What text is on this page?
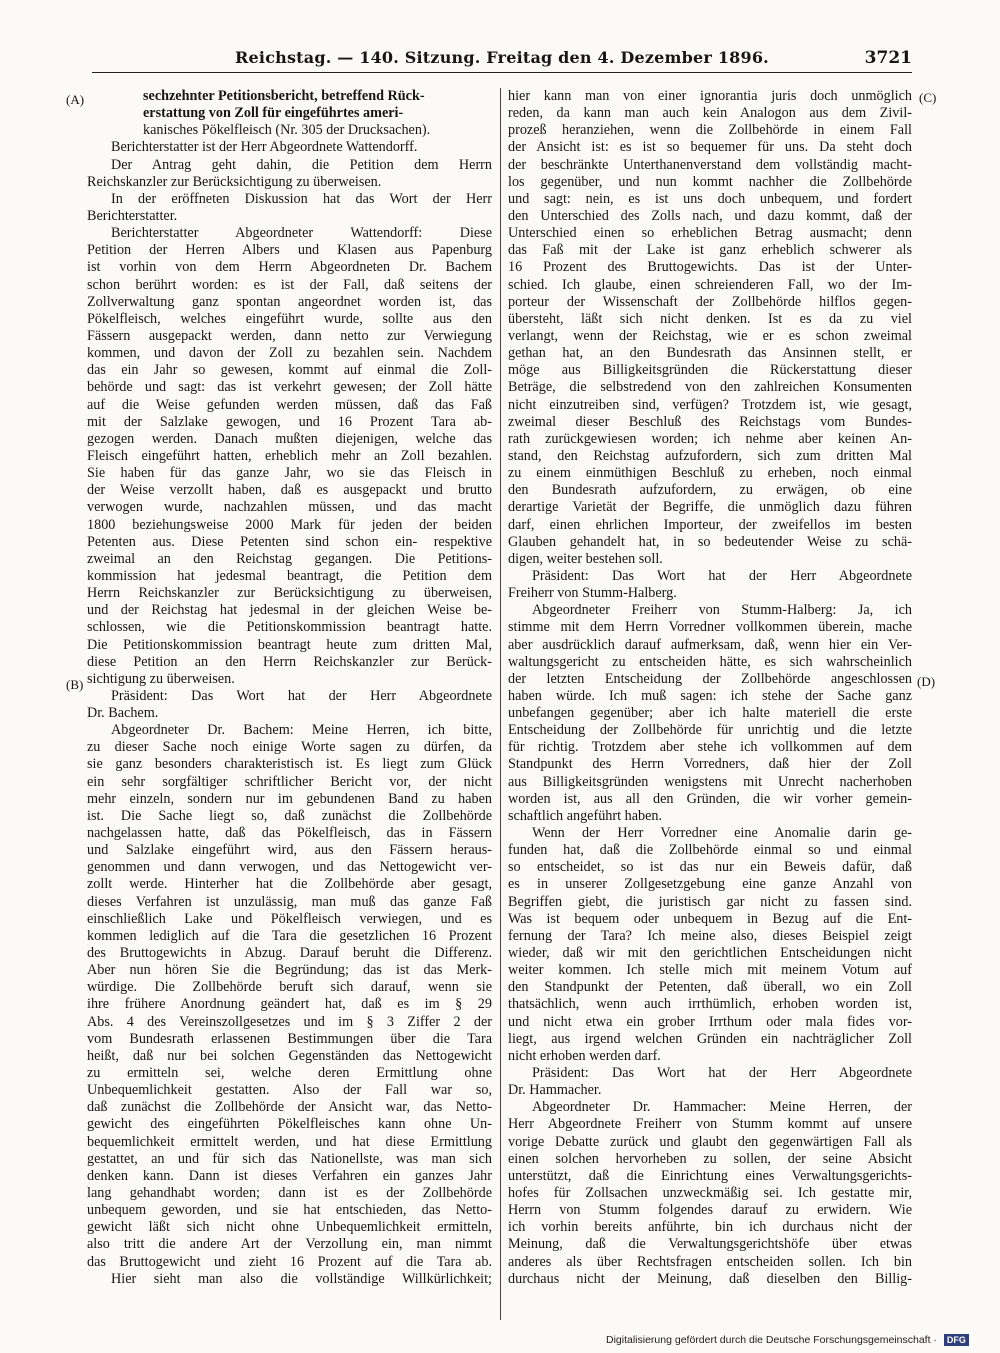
Reichstag. — 140. Sitzung. Freitag den 4. Dezember 1896.	3721
(A)
(B)
(C)
(D)
sechzehnter Petitionsbericht, betreffend Rück-
erstattung von Zoll für eingeführtes ameri-
kanisches Pökelfleisch (Nr. 305 der Drucksachen).
Berichterstatter ist der Herr Abgeordnete Wattendorff.
Der Antrag geht dahin, die Petition dem Herrn
Reichskanzler zur Berücksichtigung zu überweisen.
In der eröffneten Diskussion hat das Wort der Herr
Berichterstatter.
Berichterstatter Abgeordneter Wattendorff: Diese
Petition der Herren Albers und Klasen aus Papenburg
ist vorhin von dem Herrn Abgeordneten Dr. Bachem
schon berührt worden: es ist der Fall, daß seitens der
Zollverwaltung ganz spontan angeordnet worden ist, das
Pökelfleisch, welches eingeführt wurde, sollte aus den
Fässern ausgepackt werden, dann netto zur Verwiegung
kommen, und davon der Zoll zu bezahlen sein. Nachdem
das ein Jahr so gewesen, kommt auf einmal die Zoll-
behörde und sagt: das ist verkehrt gewesen; der Zoll hätte
auf die Weise gefunden werden müssen, daß das Faß
mit der Salzlake gewogen, und 16 Prozent Tara ab-
gezogen werden. Danach mußten diejenigen, welche das
Fleisch eingeführt hatten, erheblich mehr an Zoll bezahlen.
Sie haben für das ganze Jahr, wo sie das Fleisch in
der Weise verzollt haben, daß es ausgepackt und brutto
verwogen wurde, nachzahlen müssen, und das macht
1800 beziehungsweise 2000 Mark für jeden der beiden
Petenten aus. Diese Petenten sind schon ein- respektive
zweimal an den Reichstag gegangen. Die Petitions-
kommission hat jedesmal beantragt, die Petition dem
Herrn Reichskanzler zur Berücksichtigung zu überweisen,
und der Reichstag hat jedesmal in der gleichen Weise be-
schlossen, wie die Petitionskommission beantragt hatte.
Die Petitionskommission beantragt heute zum dritten Mal,
diese Petition an den Herrn Reichskanzler zur Berück-
sichtigung zu überweisen.
Präsident: Das Wort hat der Herr Abgeordnete
Dr. Bachem.
Abgeordneter Dr. Bachem: Meine Herren, ich bitte,
zu dieser Sache noch einige Worte sagen zu dürfen, da
sie ganz besonders charakteristisch ist. Es liegt zum Glück
ein sehr sorgfältiger schriftlicher Bericht vor, der nicht
mehr einzeln, sondern nur im gebundenen Band zu haben
ist. Die Sache liegt so, daß zunächst die Zollbehörde
nachgelassen hatte, daß das Pökelfleisch, das in Fässern
und Salzlake eingeführt wird, aus den Fässern heraus-
genommen und dann verwogen, und das Nettogewicht ver-
zollt werde. Hinterher hat die Zollbehörde aber gesagt,
dieses Verfahren ist unzulässig, man muß das ganze Faß
einschließlich Lake und Pökelfleisch verwiegen, und es
kommen lediglich auf die Tara die gesetzlichen 16 Prozent
des Bruttogewichts in Abzug. Darauf beruht die Differenz.
Aber nun hören Sie die Begründung; das ist das Merk-
würdige. Die Zollbehörde beruft sich darauf, wenn sie
ihre frühere Anordnung geändert hat, daß es im § 29
Abs. 4 des Vereinszollgesetzes und im § 3 Ziffer 2 der
vom Bundesrath erlassenen Bestimmungen über die Tara
heißt, daß nur bei solchen Gegenständen das Nettogewicht
zu ermitteln sei, welche deren Ermittlung ohne
Unbequemlichkeit gestatten. Also der Fall war so,
daß zunächst die Zollbehörde der Ansicht war, das Netto-
gewicht des eingeführten Pökelfleisches kann ohne Un-
bequemlichkeit ermittelt werden, und hat diese Ermittlung
gestattet, an und für sich das Nationellste, was man sich
denken kann. Dann ist dieses Verfahren ein ganzes Jahr
lang gehandhabt worden; dann ist es der Zollbehörde
unbequem geworden, und sie hat entschieden, das Netto-
gewicht läßt sich nicht ohne Unbequemlichkeit ermitteln,
also tritt die andere Art der Verzollung ein, man nimmt
das Bruttogewicht und zieht 16 Prozent auf die Tara ab.
Hier sieht man also die vollständige Willkürlichkeit;
hier kann man von einer ignorantia juris doch unmöglich
reden, da kann man auch kein Analogon aus dem Zivil-
prozeß heranziehen, wenn die Zollbehörde in einem Fall
der Ansicht ist: es ist so bequemer für uns. Da steht doch
der beschränkte Unterthanenverstand dem vollständig macht-
los gegenüber, und nun kommt nachher die Zollbehörde
und sagt: nein, es ist uns doch unbequem, und fordert
den Unterschied des Zolls nach, und dazu kommt, daß der
Unterschied einen so erheblichen Betrag ausmacht; denn
das Faß mit der Lake ist ganz erheblich schwerer als
16 Prozent des Bruttogewichts. Das ist der Unter-
schied. Ich glaube, einen schreienderen Fall, wo der Im-
porteur der Wissenschaft der Zollbehörde hilflos gegen-
übersteht, läßt sich nicht denken. Ist es da zu viel
verlangt, wenn der Reichstag, wie er es schon zweimal
gethan hat, an den Bundesrath das Ansinnen stellt, er
möge aus Billigkeitsgründen die Rückerstattung dieser
Beträge, die selbstredend von den zahlreichen Konsumenten
nicht einzutreiben sind, verfügen? Trotzdem ist, wie gesagt,
zweimal dieser Beschluß des Reichstags vom Bundes-
rath zurückgewiesen worden; ich nehme aber keinen An-
stand, den Reichstag aufzufordern, sich zum dritten Mal
zu einem einmüthigen Beschluß zu erheben, noch einmal
den Bundesrath aufzufordern, zu erwägen, ob eine
derartige Varietät der Begriffe, die unmöglich dazu führen
darf, einen ehrlichen Importeur, der zweifellos im besten
Glauben gehandelt hat, in so bedeutender Weise zu schä-
digen, weiter bestehen soll.
Präsident: Das Wort hat der Herr Abgeordnete
Freiherr von Stumm-Halberg.
Abgeordneter Freiherr von Stumm-Halberg: Ja, ich
stimme mit dem Herrn Vorredner vollkommen überein, mache
aber ausdrücklich darauf aufmerksam, daß, wenn hier ein Ver-
waltungsgericht zu entscheiden hätte, es sich wahrscheinlich
der letzten Entscheidung der Zollbehörde angeschlossen
haben würde. Ich muß sagen: ich stehe der Sache ganz
unbefangen gegenüber; aber ich halte materiell die erste
Entscheidung der Zollbehörde für unrichtig und die letzte
für richtig. Trotzdem aber stehe ich vollkommen auf dem
Standpunkt des Herrn Vorredners, daß hier der Zoll
aus Billigkeitsgründen wenigstens mit Unrecht nacherhoben
worden ist, aus all den Gründen, die wir vorher gemein-
schaftlich angeführt haben.
Wenn der Herr Vorredner eine Anomalie darin ge-
funden hat, daß die Zollbehörde einmal so und einmal
so entscheidet, so ist das nur ein Beweis dafür, daß
es in unserer Zollgesetzgebung eine ganze Anzahl von
Begriffen giebt, die juristisch gar nicht zu fassen sind.
Was ist bequem oder unbequem in Bezug auf die Ent-
fernung der Tara? Ich meine also, dieses Beispiel zeigt
wieder, daß wir mit den gerichtlichen Entscheidungen nicht
weiter kommen. Ich stelle mich mit meinem Votum auf
den Standpunkt der Petenten, daß überall, wo ein Zoll
thatsächlich, wenn auch irrthümlich, erhoben worden ist,
und nicht etwa ein grober Irrthum oder mala fides vor-
liegt, aus irgend welchen Gründen ein nachträglicher Zoll
nicht erhoben werden darf.
Präsident: Das Wort hat der Herr Abgeordnete
Dr. Hammacher.
Abgeordneter Dr. Hammacher: Meine Herren, der
Herr Abgeordnete Freiherr von Stumm kommt auf unsere
vorige Debatte zurück und glaubt den gegenwärtigen Fall als
einen solchen hervorheben zu sollen, der seine Absicht
unterstützt, daß die Einrichtung eines Verwaltungsgerichts-
hofes für Zollsachen unzweckmäßig sei. Ich gestatte mir,
Herrn von Stumm folgendes darauf zu erwidern. Wie
ich vorhin bereits anführte, bin ich durchaus nicht der
Meinung, daß die Verwaltungsgerichtshöfe über etwas
anderes als über Rechtsfragen entscheiden sollen. Ich bin
durchaus nicht der Meinung, daß dieselben den Billig-
Digitalisierung gefördert durch die Deutsche Forschungsgemeinschaft · DFG
